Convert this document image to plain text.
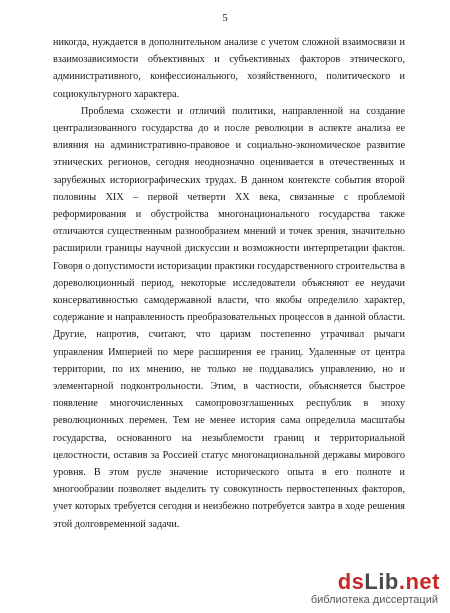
5

никогда, нуждается в дополнительном анализе с учетом сложной взаимосвязи и взаимозависимости объективных и субъективных факторов этнического, административного, конфессионального, хозяйственного, политического и социокультурного характера.

Проблема схожести и отличий политики, направленной на создание централизованного государства до и после революции в аспекте анализа ее влияния на административно-правовое и социально-экономическое развитие этнических регионов, сегодня неоднозначно оценивается в отечественных и зарубежных историографических трудах. В данном контексте события второй половины XIX – первой четверти XX века, связанные с проблемой реформирования и обустройства многонационального государства также отличаются существенным разнообразием мнений и точек зрения, значительно расширили границы научной дискуссии и возможности интерпретации фактов. Говоря о допустимости историзации практики государственного строительства в дореволюционный период, некоторые исследователи объясняют ее неудачи консервативностью самодержавной власти, что якобы определило характер, содержание и направленность преобразовательных процессов в данной области. Другие, напротив, считают, что царизм постепенно утрачивал рычаги управления Империей по мере расширения ее границ. Удаленные от центра территории, по их мнению, не только не поддавались управлению, но и элементарной подконтрольности. Этим, в частности, объясняется быстрое появление многочисленных самопровозглашенных республик в эпоху революционных перемен. Тем не менее история сама определила масштабы государства, основанного на незыблемости границ и территориальной целостности, оставив за Россией статус многонациональной державы мирового уровня. В этом русле значение исторического опыта в его полноте и многообразии позволяет выделить ту совокупность первостепенных факторов, учет которых требуется сегодня и неизбежно потребуется завтра в ходе решения этой долговременной задачи.

dsLib.net
библиотека диссертаций
